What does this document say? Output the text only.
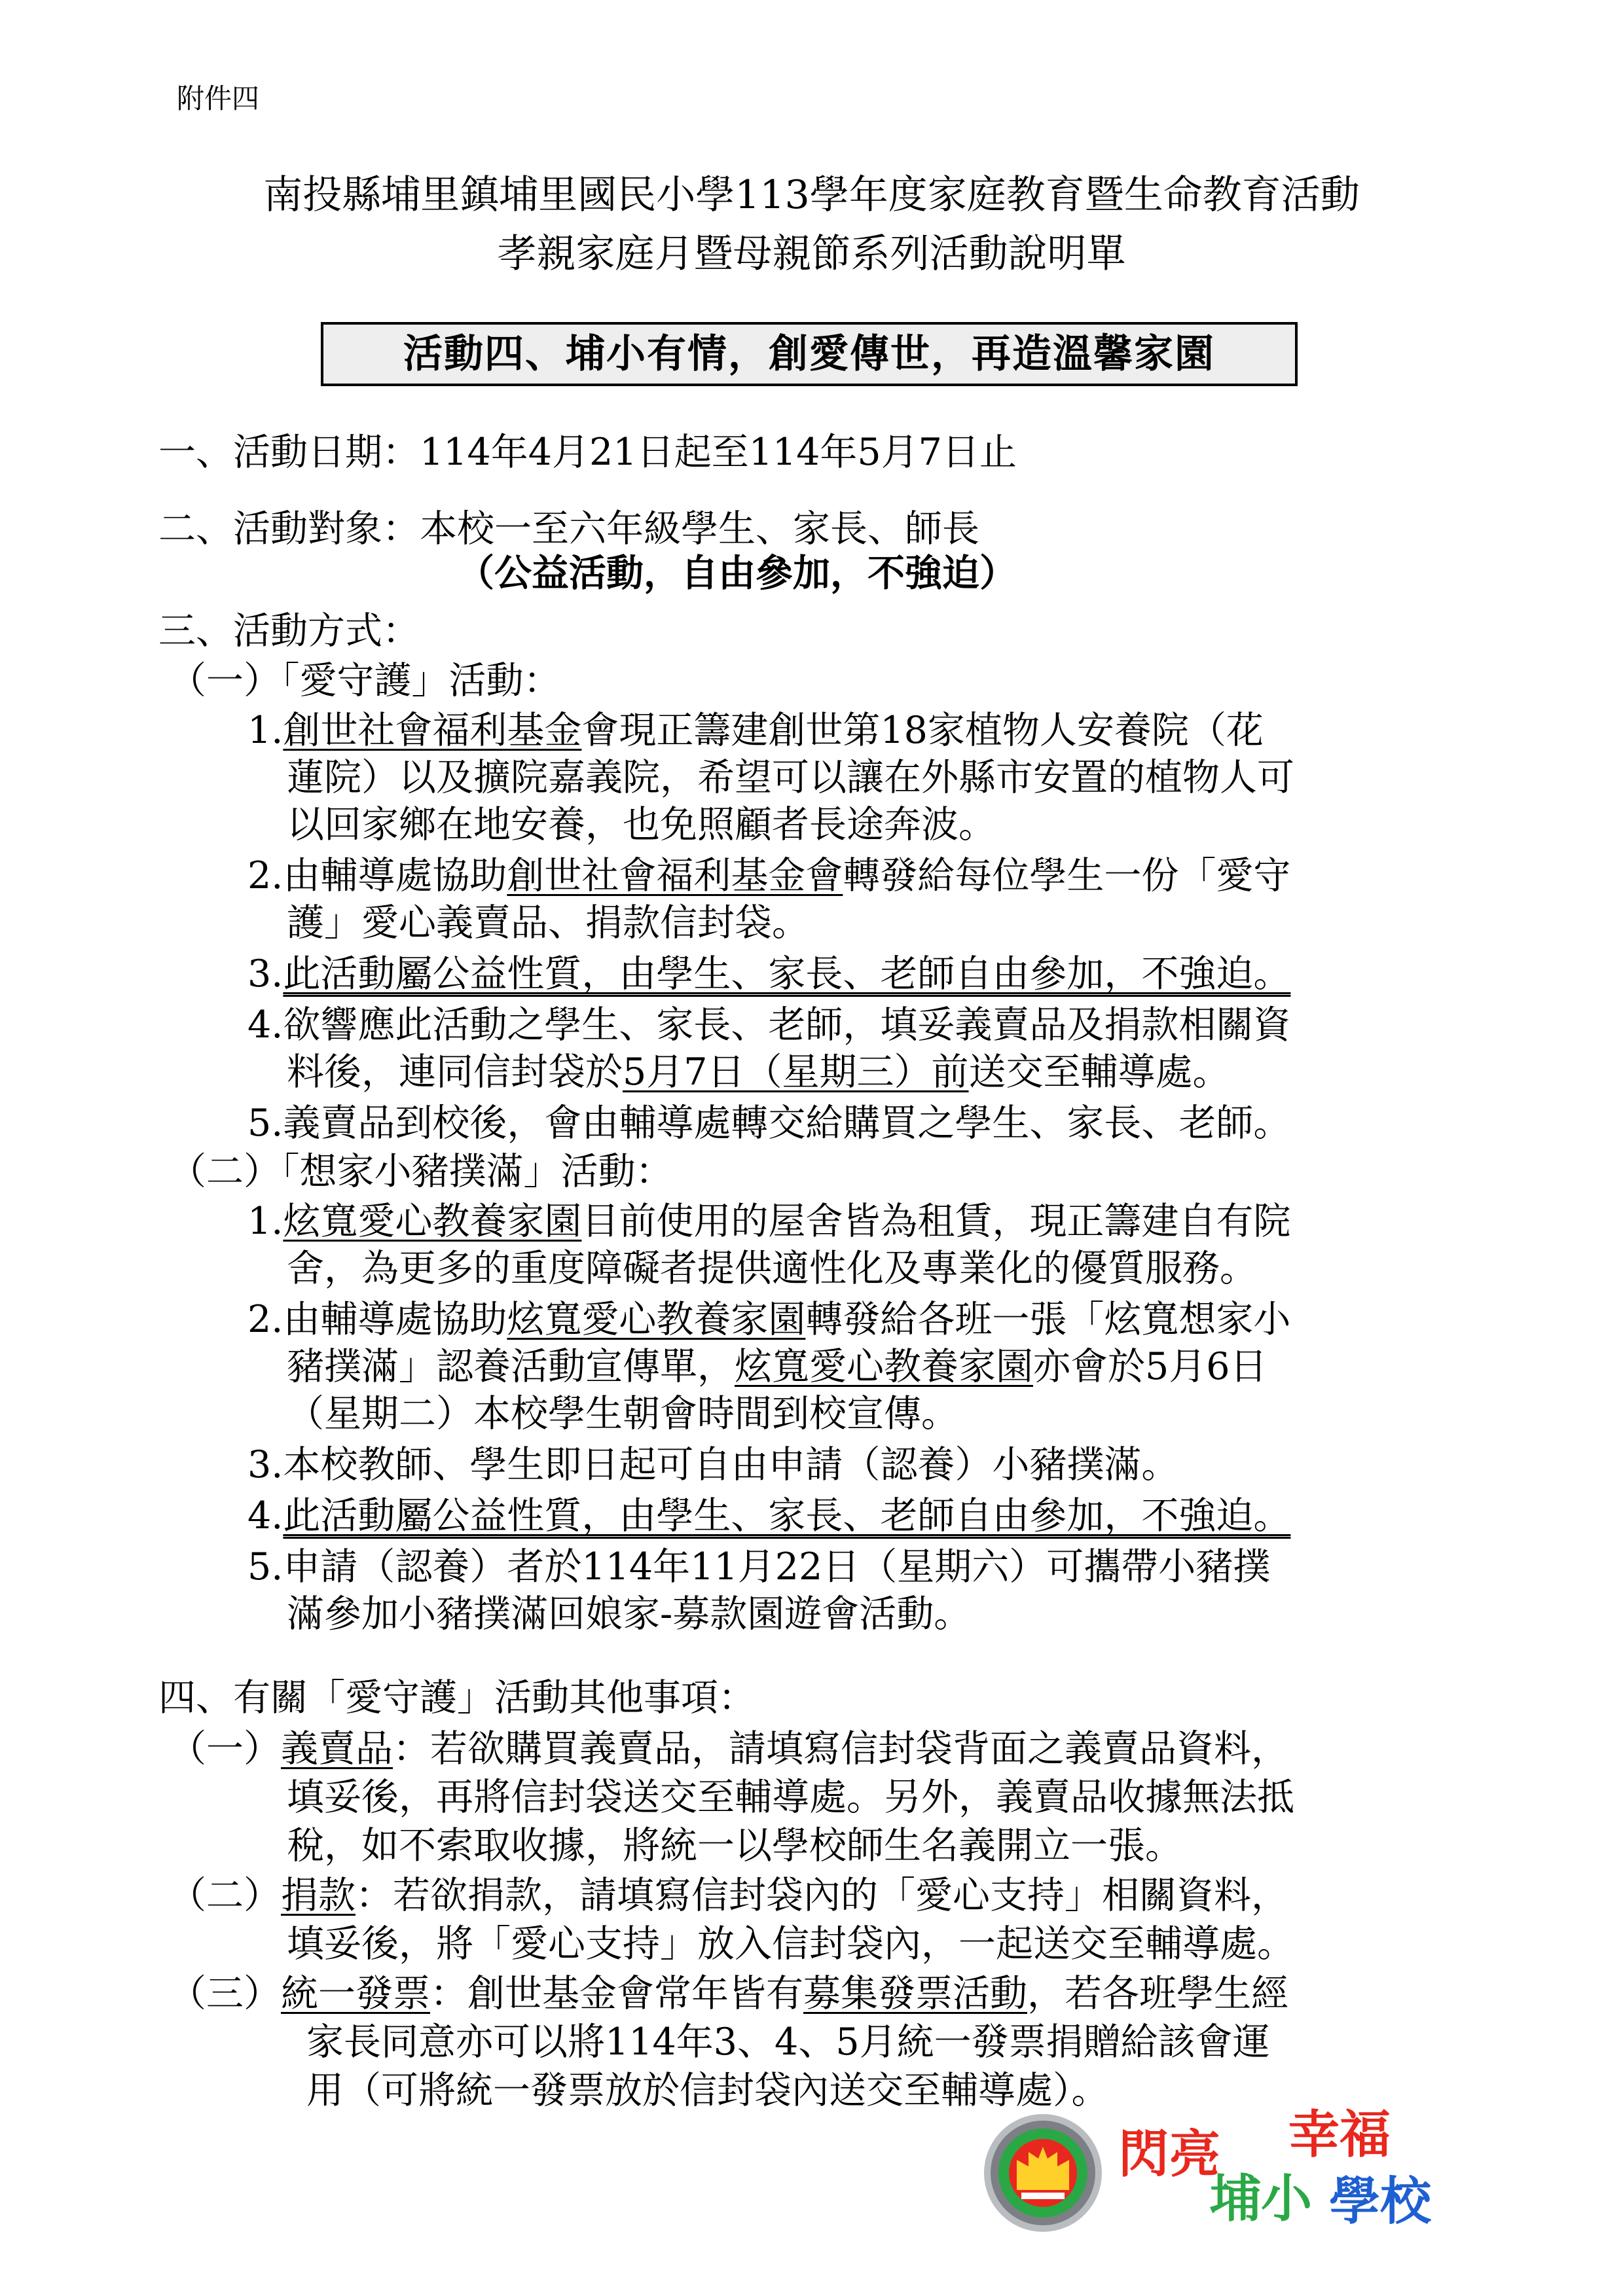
附件四

南投縣埔里鎮埔里國民小學113學年度家庭教育暨生命教育活動

孝親家庭月暨母親節系列活動說明單

活動四、埔小有情，創愛傳世，再造溫馨家園

一、活動日期：114年4月21日起至114年5月7日止

二、活動對象：本校一至六年級學生、家長、師長

（公益活動，自由參加，不強迫）

三、活動方式：

（一）「愛守護」活動：

1.創世社會福利基金會現正籌建創世第18家植物人安養院（花

蓮院）以及擴院嘉義院，希望可以讓在外縣市安置的植物人可

以回家鄉在地安養，也免照顧者長途奔波。

2.由輔導處協助創世社會福利基金會轉發給每位學生一份「愛守

護」愛心義賣品、捐款信封袋。

3.此活動屬公益性質，由學生、家長、老師自由參加，不強迫。

4.欲響應此活動之學生、家長、老師，填妥義賣品及捐款相關資

料後，連同信封袋於5月7日（星期三）前送交至輔導處。

5.義賣品到校後，會由輔導處轉交給購買之學生、家長、老師。

（二）「想家小豬撲滿」活動：

1.炫寬愛心教養家園目前使用的屋舍皆為租賃，現正籌建自有院

舍，為更多的重度障礙者提供適性化及專業化的優質服務。

2.由輔導處協助炫寬愛心教養家園轉發給各班一張「炫寬想家小

豬撲滿」認養活動宣傳單，炫寬愛心教養家園亦會於5月6日

（星期二）本校學生朝會時間到校宣傳。

3.本校教師、學生即日起可自由申請（認養）小豬撲滿。

4.此活動屬公益性質，由學生、家長、老師自由參加，不強迫。

5.申請（認養）者於114年11月22日（星期六）可攜帶小豬撲

滿參加小豬撲滿回娘家-募款園遊會活動。

四、有關「愛守護」活動其他事項：

（一）義賣品：若欲購買義賣品，請填寫信封袋背面之義賣品資料，

填妥後，再將信封袋送交至輔導處。另外，義賣品收據無法抵

稅，如不索取收據，將統一以學校師生名義開立一張。

（二）捐款：若欲捐款，請填寫信封袋內的「愛心支持」相關資料，

填妥後，將「愛心支持」放入信封袋內，一起送交至輔導處。

（三）統一發票：創世基金會常年皆有募集發票活動，若各班學生經

家長同意亦可以將114年3、4、5月統一發票捐贈給該會運

用（可將統一發票放於信封袋內送交至輔導處）。

閃亮 幸福
埔小 學校
